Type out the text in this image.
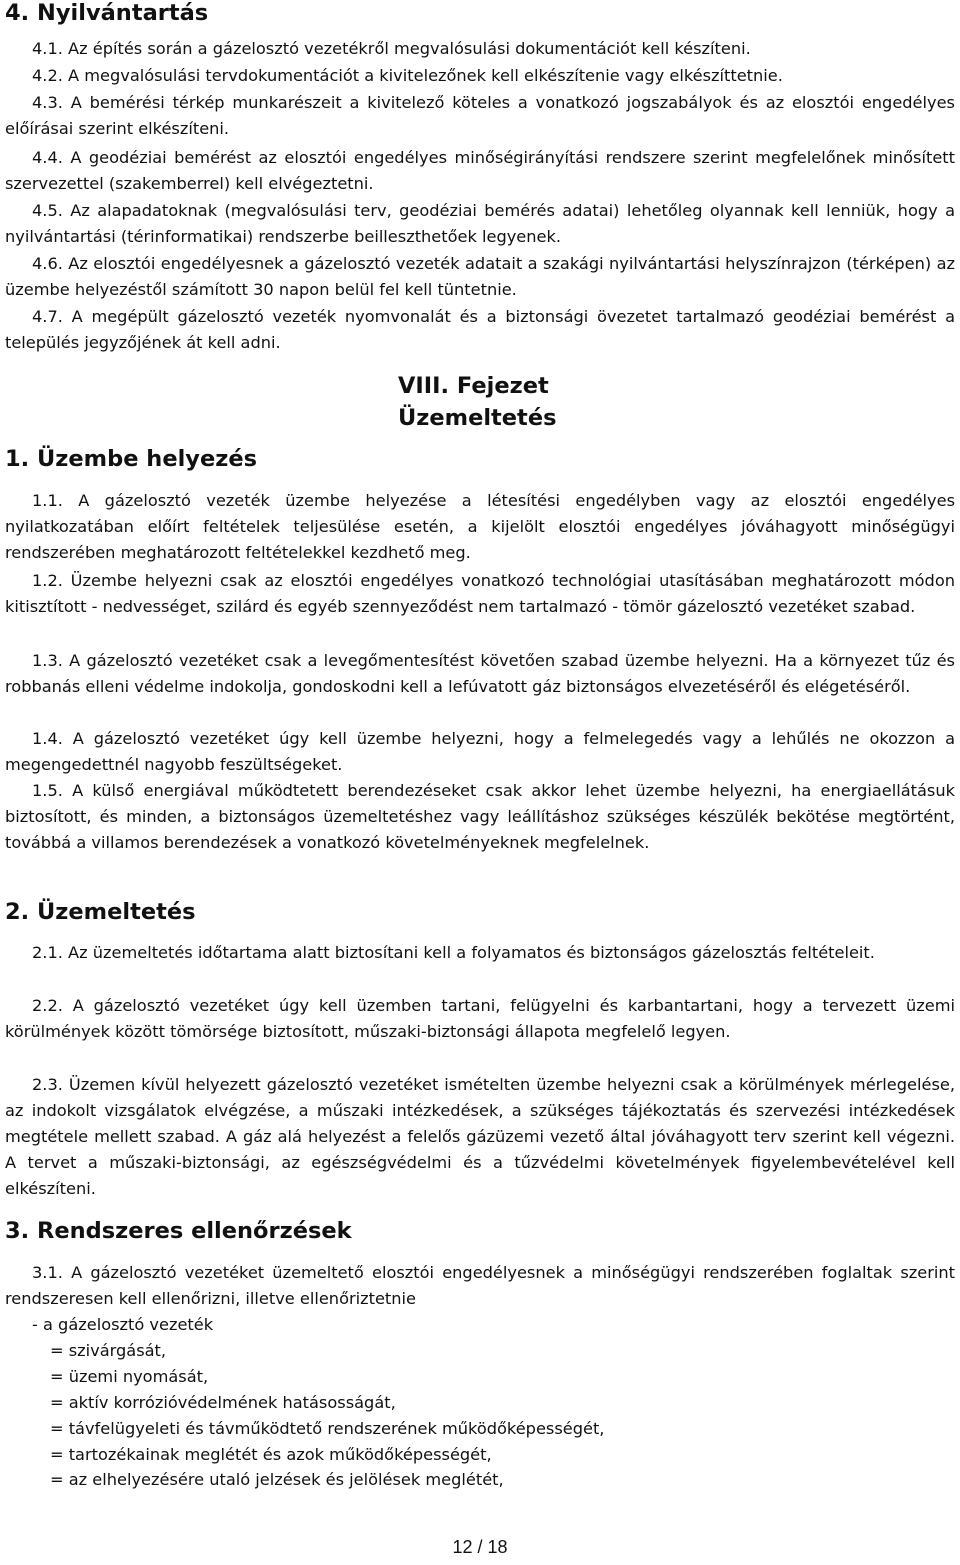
4. Nyilvántartás

4.1. Az építés során a gázelosztó vezetékről megvalósulási dokumentációt kell készíteni.

4.2. A megvalósulási tervdokumentációt a kivitelezőnek kell elkészítenie vagy elkészíttetnie.

4.3. A bemérési térkép munkarészeit a kivitelező köteles a vonatkozó jogszabályok és az elosztói engedélyes előírásai szerint elkészíteni.

4.4. A geodéziai bemérést az elosztói engedélyes minőségirányítási rendszere szerint megfelelőnek minősített szervezettel (szakemberrel) kell elvégeztetni.

4.5. Az alapadatoknak (megvalósulási terv, geodéziai bemérés adatai) lehetőleg olyannak kell lenniük, hogy a nyilvántartási (térinformatikai) rendszerbe beilleszthetőek legyenek.

4.6. Az elosztói engedélyesnek a gázelosztó vezeték adatait a szakági nyilvántartási helyszínrajzon (térképen) az üzembe helyezéstől számított 30 napon belül fel kell tüntetnie.

4.7. A megépült gázelosztó vezeték nyomvonalát és a biztonsági övezetet tartalmazó geodéziai bemérést a település jegyzőjének át kell adni.

VIII. Fejezet
Üzemeltetés
1. Üzembe helyezés

1.1. A gázelosztó vezeték üzembe helyezése a létesítési engedélyben vagy az elosztói engedélyes nyilatkozatában előírt feltételek teljesülése esetén, a kijelölt elosztói engedélyes jóváhagyott minőségügyi rendszerében meghatározott feltételekkel kezdhető meg.

1.2. Üzembe helyezni csak az elosztói engedélyes vonatkozó technológiai utasításában meghatározott módon kitisztított - nedvességet, szilárd és egyéb szennyeződést nem tartalmazó - tömör gázelosztó vezetéket szabad.

1.3. A gázelosztó vezetéket csak a levegőmentesítést követően szabad üzembe helyezni. Ha a környezet tűz és robbanás elleni védelme indokolja, gondoskodni kell a lefúvatott gáz biztonságos elvezetéséről és elégetéséről.

1.4. A gázelosztó vezetéket úgy kell üzembe helyezni, hogy a felmelegedés vagy a lehűlés ne okozzon a megengedettnél nagyobb feszültségeket.

1.5. A külső energiával működtetett berendezéseket csak akkor lehet üzembe helyezni, ha energiaellátásuk biztosított, és minden, a biztonságos üzemeltetéshez vagy leállításhoz szükséges készülék bekötése megtörtént, továbbá a villamos berendezések a vonatkozó követelményeknek megfelelnek.

2. Üzemeltetés

2.1. Az üzemeltetés időtartama alatt biztosítani kell a folyamatos és biztonságos gázelosztás feltételeit.

2.2. A gázelosztó vezetéket úgy kell üzemben tartani, felügyelni és karbantartani, hogy a tervezett üzemi körülmények között tömörsége biztosított, műszaki-biztonsági állapota megfelelő legyen.

2.3. Üzemen kívül helyezett gázelosztó vezetéket ismételten üzembe helyezni csak a körülmények mérlegelése, az indokolt vizsgálatok elvégzése, a műszaki intézkedések, a szükséges tájékoztatás és szervezési intézkedések megtétele mellett szabad. A gáz alá helyezést a felelős gázüzemi vezető által jóváhagyott terv szerint kell végezni. A tervet a műszaki-biztonsági, az egészségvédelmi és a tűzvédelmi követelmények figyelembevételével kell elkészíteni.

3. Rendszeres ellenőrzések

3.1. A gázelosztó vezetéket üzemeltető elosztói engedélyesnek a minőségügyi rendszerében foglaltak szerint rendszeresen kell ellenőrizni, illetve ellenőriztetnie

- a gázelosztó vezeték
= szivárgását,
= üzemi nyomását,
= aktív korrózióvédelmének hatásosságát,
= távfelügyeleti és távműködtető rendszerének működőképességét,
= tartozékainak meglétét és azok működőképességét,
= az elhelyezésére utaló jelzések és jelölések meglétét,
12 / 18
